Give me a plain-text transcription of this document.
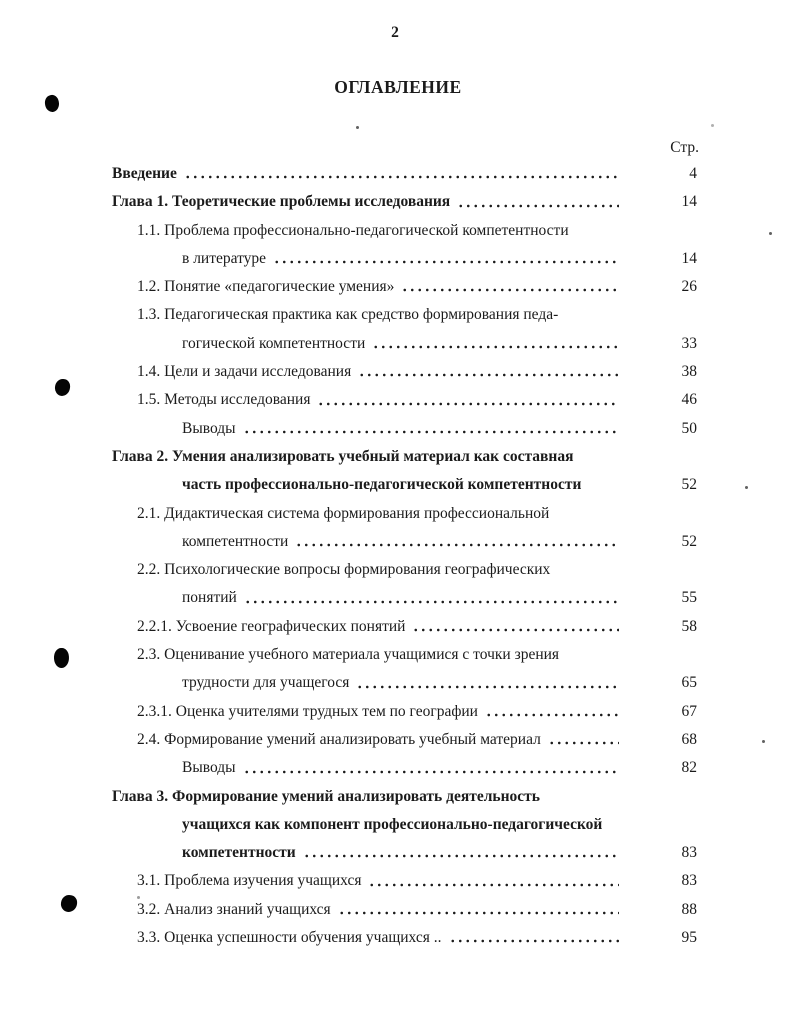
2
ОГЛАВЛЕНИЕ
Стр.
Введение	4
Глава 1. Теоретические проблемы исследования	14
1.1. Проблема профессионально-педагогической компетентности
в литературе	14
1.2. Понятие «педагогические умения»	26
1.3. Педагогическая практика как средство формирования педа-
гогической компетентности	33
1.4. Цели и задачи исследования	38
1.5. Методы исследования	46
Выводы	50
Глава 2. Умения анализировать учебный материал как составная
часть профессионально-педагогической компетентности	52
2.1. Дидактическая система формирования профессиональной
компетентности	52
2.2. Психологические вопросы формирования географических
понятий	55
2.2.1. Усвоение географических понятий	58
2.3. Оценивание учебного материала учащимися с точки зрения
трудности для учащегося	65
2.3.1. Оценка учителями трудных тем по географии	67
2.4. Формирование умений анализировать учебный материал	68
Выводы	82
Глава 3. Формирование умений анализировать деятельность
учащихся как компонент профессионально-педагогической
компетентности	83
3.1. Проблема изучения учащихся	83
3.2. Анализ знаний учащихся	88
3.3. Оценка успешности обучения учащихся ..	95
